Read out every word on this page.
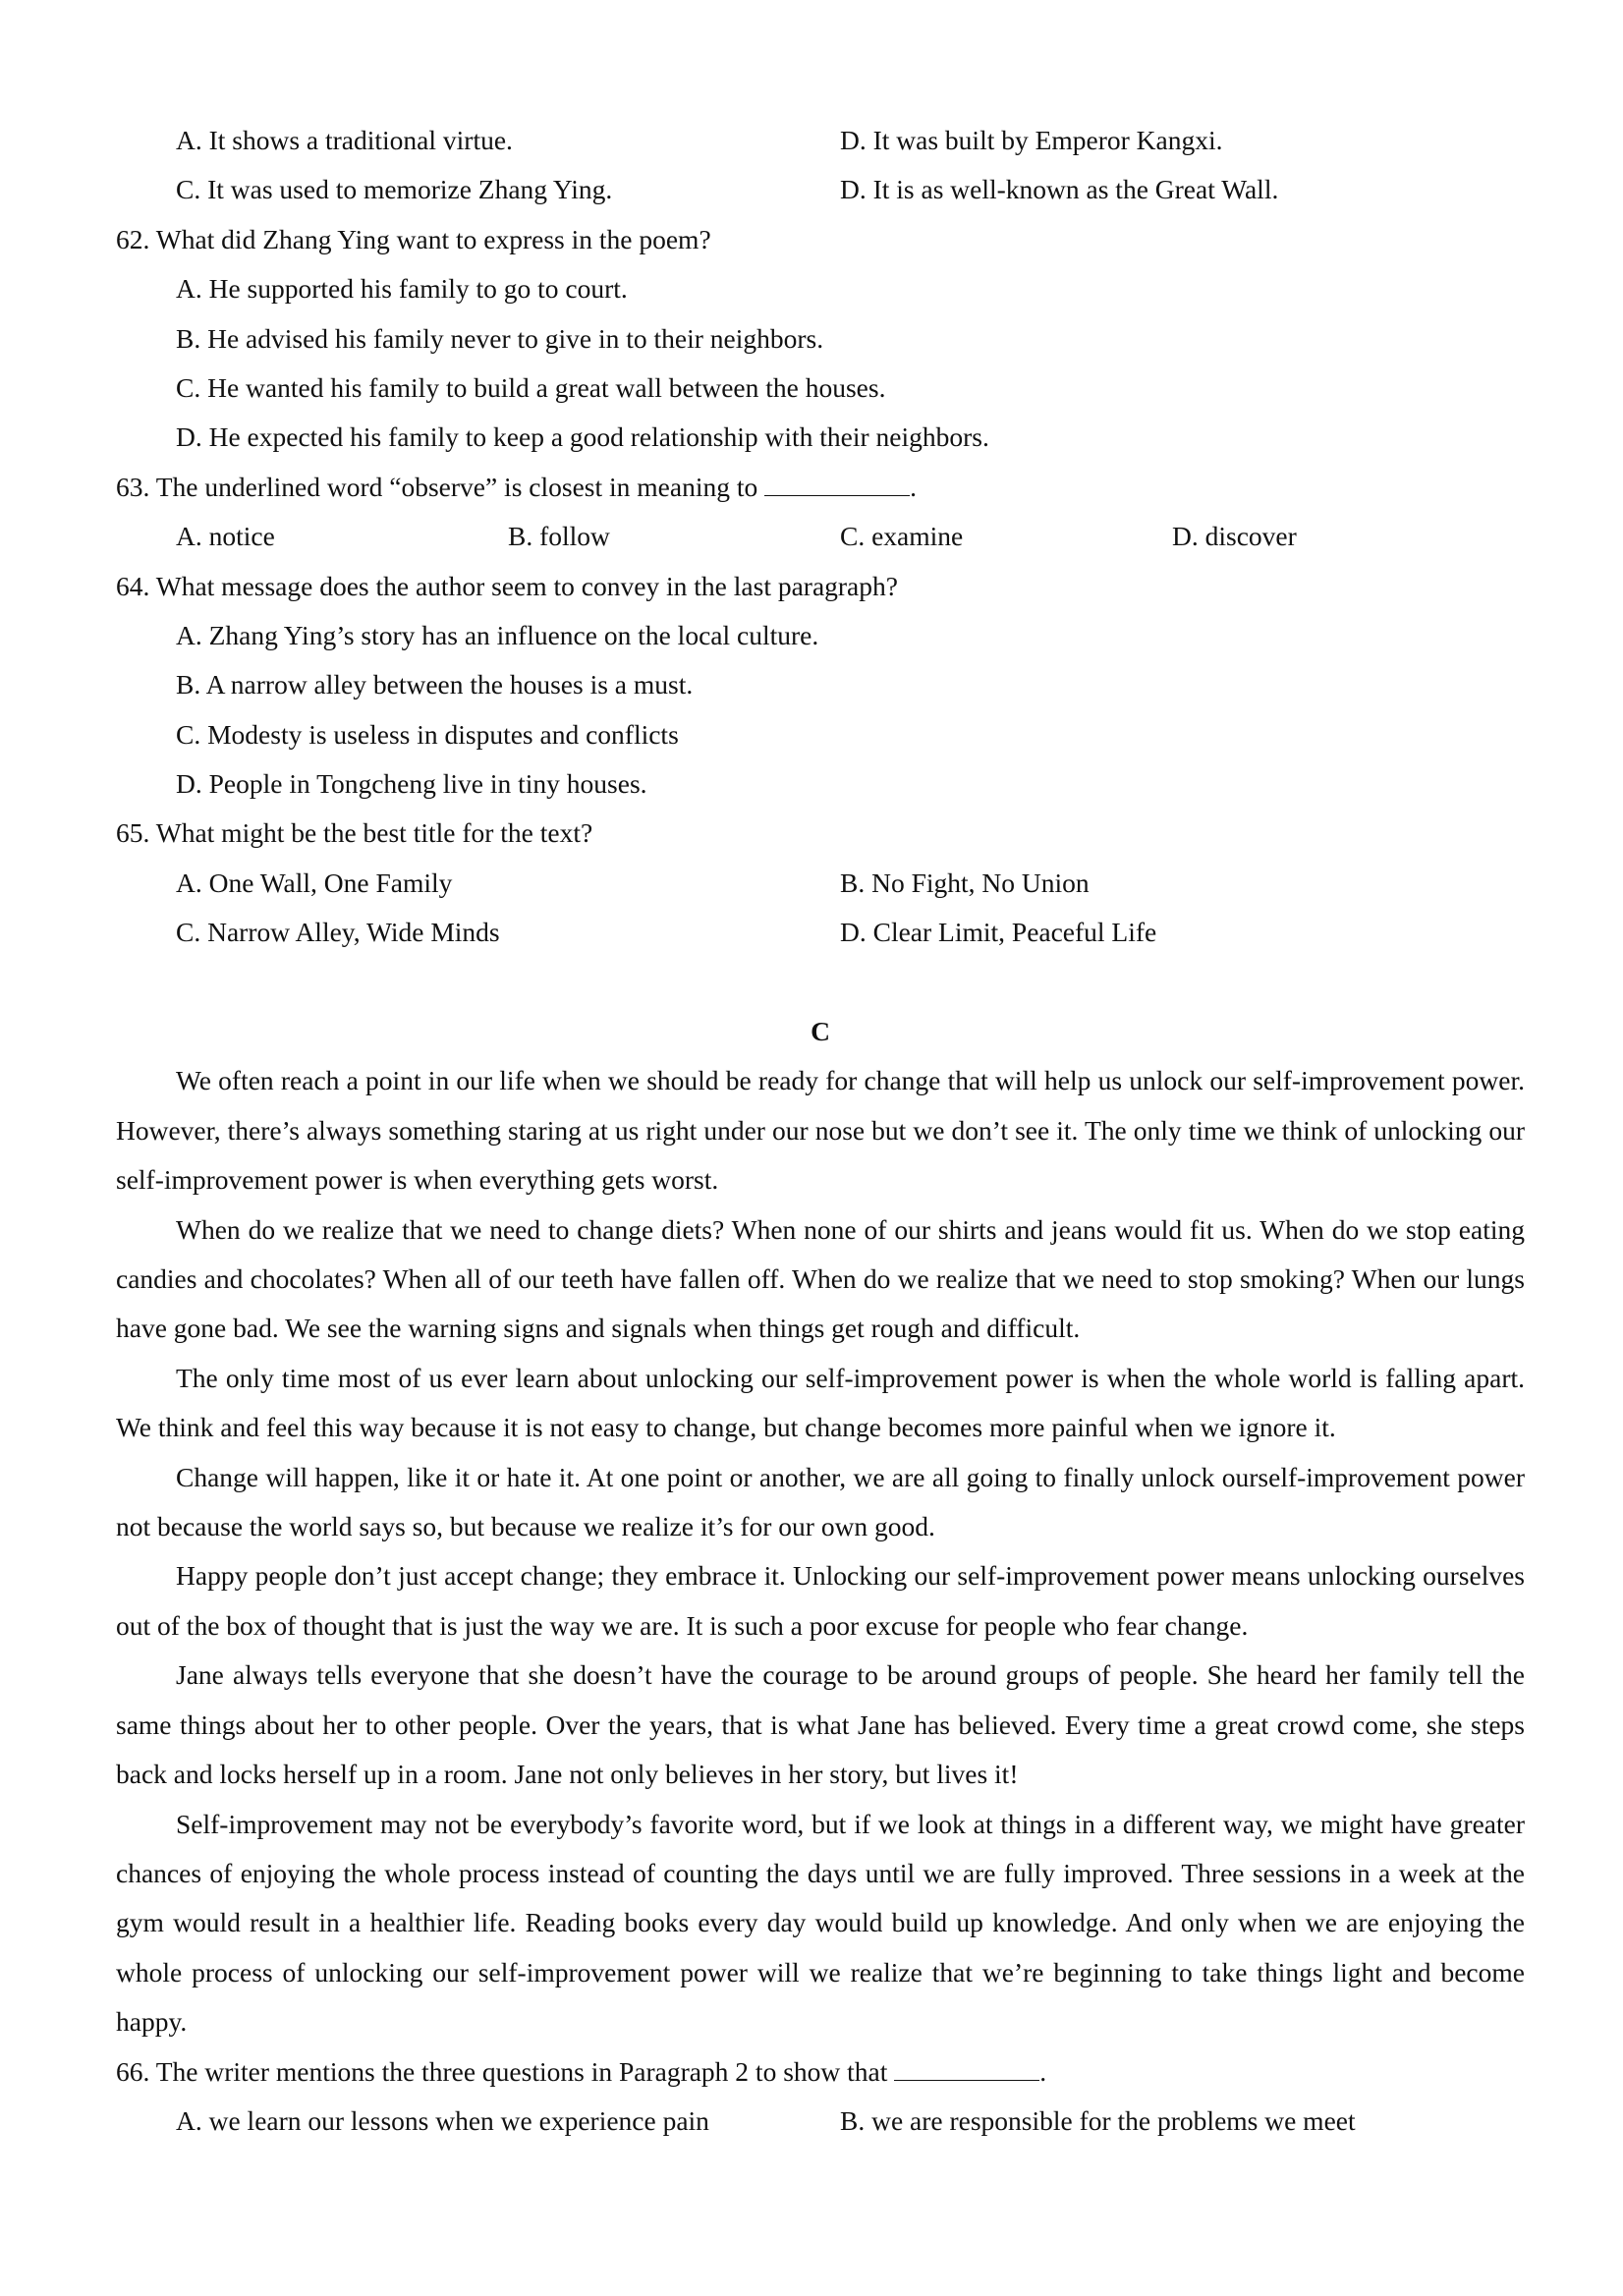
A. It shows a traditional virtue.	D. It was built by Emperor Kangxi.
C. It was used to memorize Zhang Ying.	D. It is as well-known as the Great Wall.
62. What did Zhang Ying want to express in the poem?
A. He supported his family to go to court.
B. He advised his family never to give in to their neighbors.
C. He wanted his family to build a great wall between the houses.
D. He expected his family to keep a good relationship with their neighbors.
63. The underlined word “observe” is closest in meaning to	.
A. notice	B. follow	C. examine	D. discover
64. What message does the author seem to convey in the last paragraph?
A. Zhang Ying’s story has an influence on the local culture.
B. A narrow alley between the houses is a must.
C. Modesty is useless in disputes and conflicts
D. People in Tongcheng live in tiny houses.
65. What might be the best title for the text?
A. One Wall, One Family	B. No Fight, No Union
C. Narrow Alley, Wide Minds	D. Clear Limit, Peaceful Life
C

We often reach a point in our life when we should be ready for change that will help us unlock our self-improvement power. However, there’s always something staring at us right under our nose but we don’t see it. The only time we think of unlocking our self-improvement power is when everything gets worst.

When do we realize that we need to change diets? When none of our shirts and jeans would fit us. When do we stop eating candies and chocolates? When all of our teeth have fallen off. When do we realize that we need to stop smoking? When our lungs have gone bad. We see the warning signs and signals when things get rough and difficult.

The only time most of us ever learn about unlocking our self-improvement power is when the whole world is falling apart. We think and feel this way because it is not easy to change, but change becomes more painful when we ignore it.

Change will happen, like it or hate it. At one point or another, we are all going to finally unlock ourself-improvement power not because the world says so, but because we realize it’s for our own good.

Happy people don’t just accept change; they embrace it. Unlocking our self-improvement power means unlocking ourselves out of the box of thought that is just the way we are. It is such a poor excuse for people who fear change.

Jane always tells everyone that she doesn’t have the courage to be around groups of people. She heard her family tell the same things about her to other people. Over the years, that is what Jane has believed. Every time a great crowd come, she steps back and locks herself up in a room. Jane not only believes in her story, but lives it!

Self-improvement may not be everybody’s favorite word, but if we look at things in a different way, we might have greater chances of enjoying the whole process instead of counting the days until we are fully improved. Three sessions in a week at the gym would result in a healthier life. Reading books every day would build up knowledge. And only when we are enjoying the whole process of unlocking our self-improvement power will we realize that we’re beginning to take things light and become happy.

66. The writer mentions the three questions in Paragraph 2 to show that	.
A. we learn our lessons when we experience pain	B. we are responsible for the problems we meet
